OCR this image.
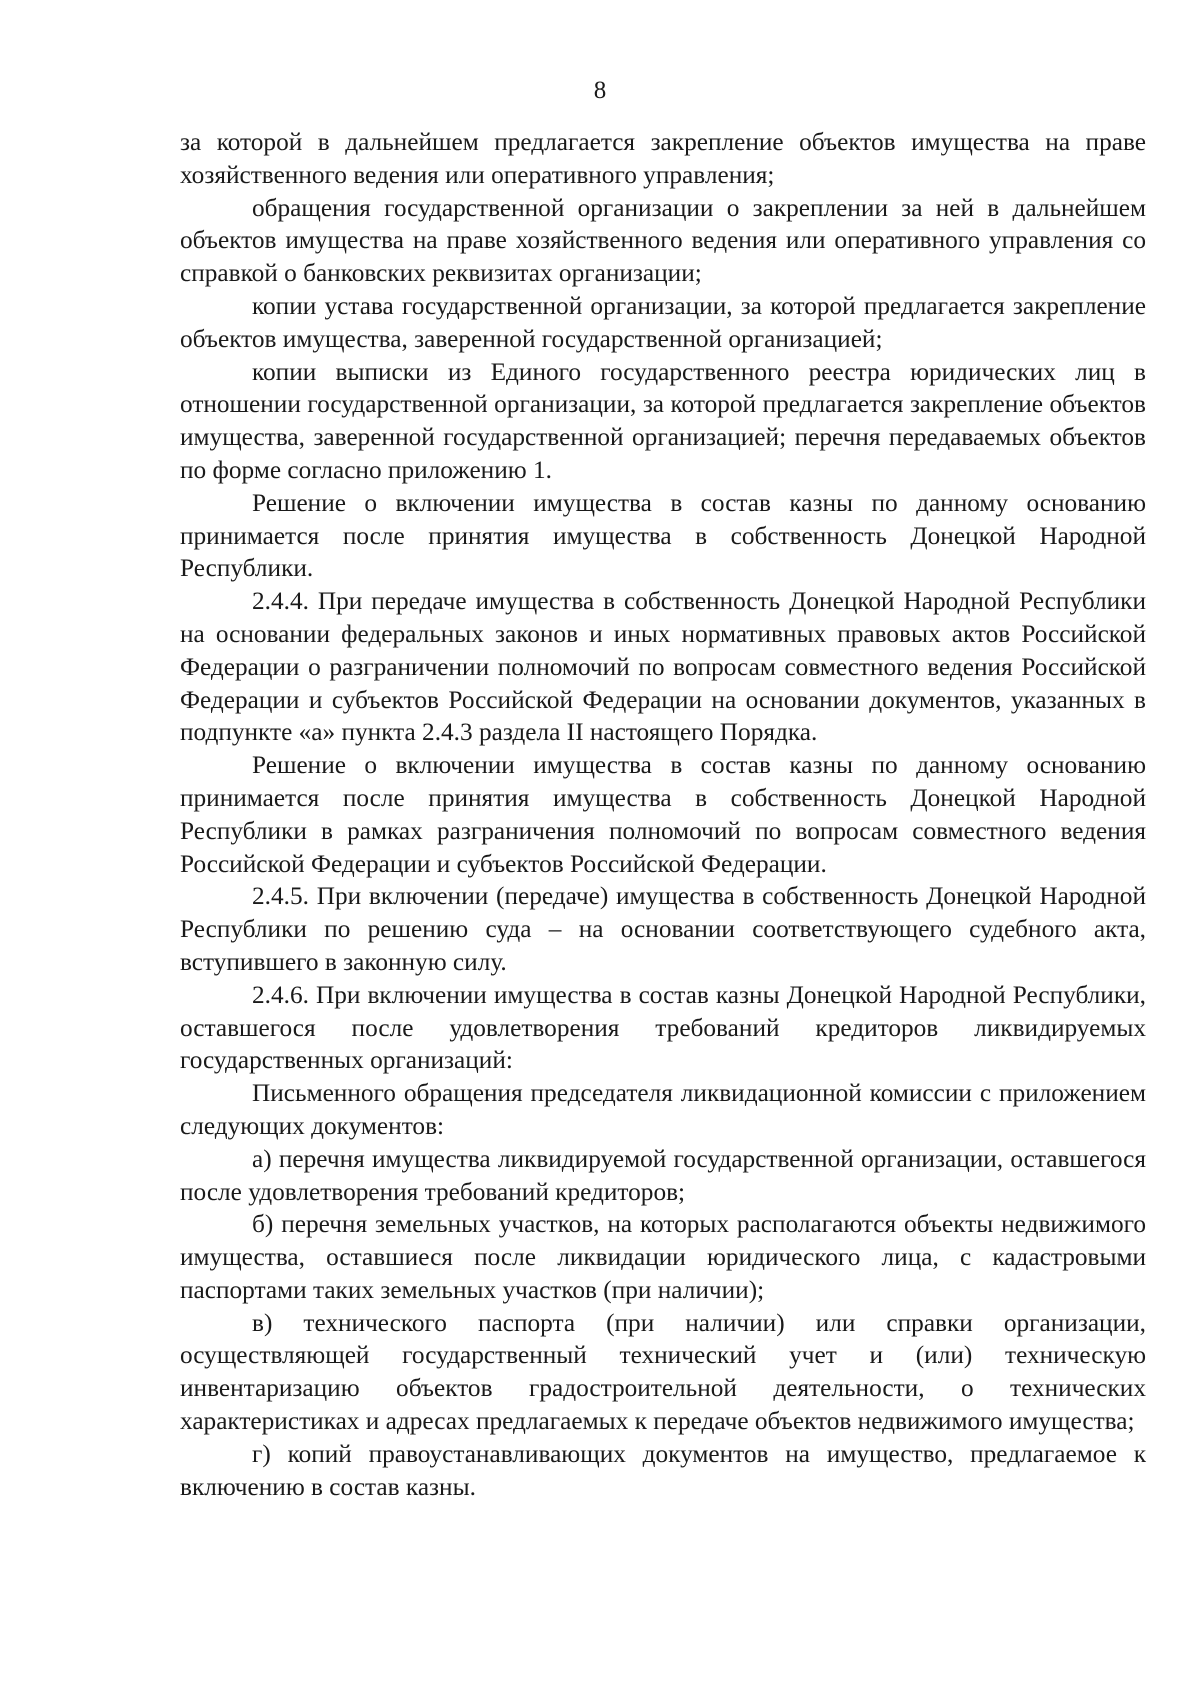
8

за которой в дальнейшем предлагается закрепление объектов имущества на праве хозяйственного ведения или оперативного управления;

обращения государственной организации о закреплении за ней в дальнейшем объектов имущества на праве хозяйственного ведения или оперативного управления со справкой о банковских реквизитах организации;

копии устава государственной организации, за которой предлагается закрепление объектов имущества, заверенной государственной организацией;

копии выписки из Единого государственного реестра юридических лиц в отношении государственной организации, за которой предлагается закрепление объектов имущества, заверенной государственной организацией; перечня передаваемых объектов по форме согласно приложению 1.

Решение о включении имущества в состав казны по данному основанию принимается после принятия имущества в собственность Донецкой Народной Республики.

2.4.4. При передаче имущества в собственность Донецкой Народной Республики на основании федеральных законов и иных нормативных правовых актов Российской Федерации о разграничении полномочий по вопросам совместного ведения Российской Федерации и субъектов Российской Федерации на основании документов, указанных в подпункте «а» пункта 2.4.3 раздела II настоящего Порядка.

Решение о включении имущества в состав казны по данному основанию принимается после принятия имущества в собственность Донецкой Народной Республики в рамках разграничения полномочий по вопросам совместного ведения Российской Федерации и субъектов Российской Федерации.

2.4.5. При включении (передаче) имущества в собственность Донецкой Народной Республики по решению суда – на основании соответствующего судебного акта, вступившего в законную силу.

2.4.6. При включении имущества в состав казны Донецкой Народной Республики, оставшегося после удовлетворения требований кредиторов ликвидируемых государственных организаций:

Письменного обращения председателя ликвидационной комиссии с приложением следующих документов:

а) перечня имущества ликвидируемой государственной организации, оставшегося после удовлетворения требований кредиторов;

б) перечня земельных участков, на которых располагаются объекты недвижимого имущества, оставшиеся после ликвидации юридического лица, с кадастровыми паспортами таких земельных участков (при наличии);

в) технического паспорта (при наличии) или справки организации, осуществляющей государственный технический учет и (или) техническую инвентаризацию объектов градостроительной деятельности, о технических характеристиках и адресах предлагаемых к передаче объектов недвижимого имущества;

г) копий правоустанавливающих документов на имущество, предлагаемое к включению в состав казны.
